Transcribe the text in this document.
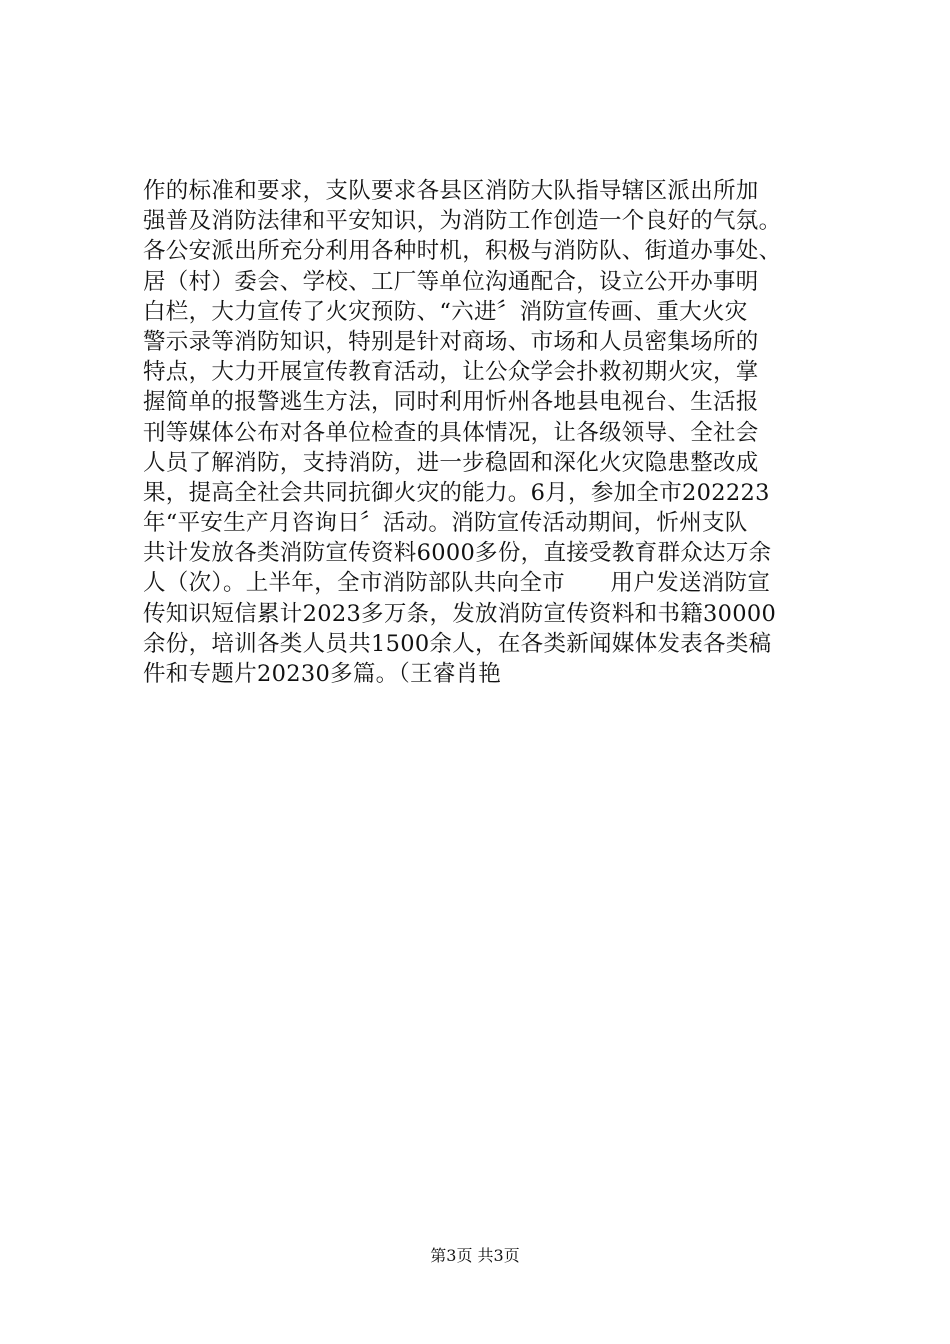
作的标准和要求，支队要求各县区消防大队指导辖区派出所加
强普及消防法律和平安知识，为消防工作创造一个良好的气氛。
各公安派出所充分利用各种时机，积极与消防队、街道办事处、
居（村）委会、学校、工厂等单位沟通配合，设立公开办事明
白栏，大力宣传了火灾预防、“六进〞消防宣传画、重大火灾
警示录等消防知识，特别是针对商场、市场和人员密集场所的
特点，大力开展宣传教育活动，让公众学会扑救初期火灾，掌
握简单的报警逃生方法，同时利用忻州各地县电视台、生活报
刊等媒体公布对各单位检查的具体情况，让各级领导、全社会
人员了解消防，支持消防，进一步稳固和深化火灾隐患整改成
果，提高全社会共同抗御火灾的能力。6月，参加全市202223
年“平安生产月咨询日〞活动。消防宣传活动期间，忻州支队
共计发放各类消防宣传资料6000多份，直接受教育群众达万余
人（次）。上半年，全市消防部队共向全市　　用户发送消防宣
传知识短信累计2023多万条，发放消防宣传资料和书籍30000
余份，培训各类人员共1500余人，在各类新闻媒体发表各类稿
件和专题片20230多篇。（王睿肖艳
第3页 共3页
